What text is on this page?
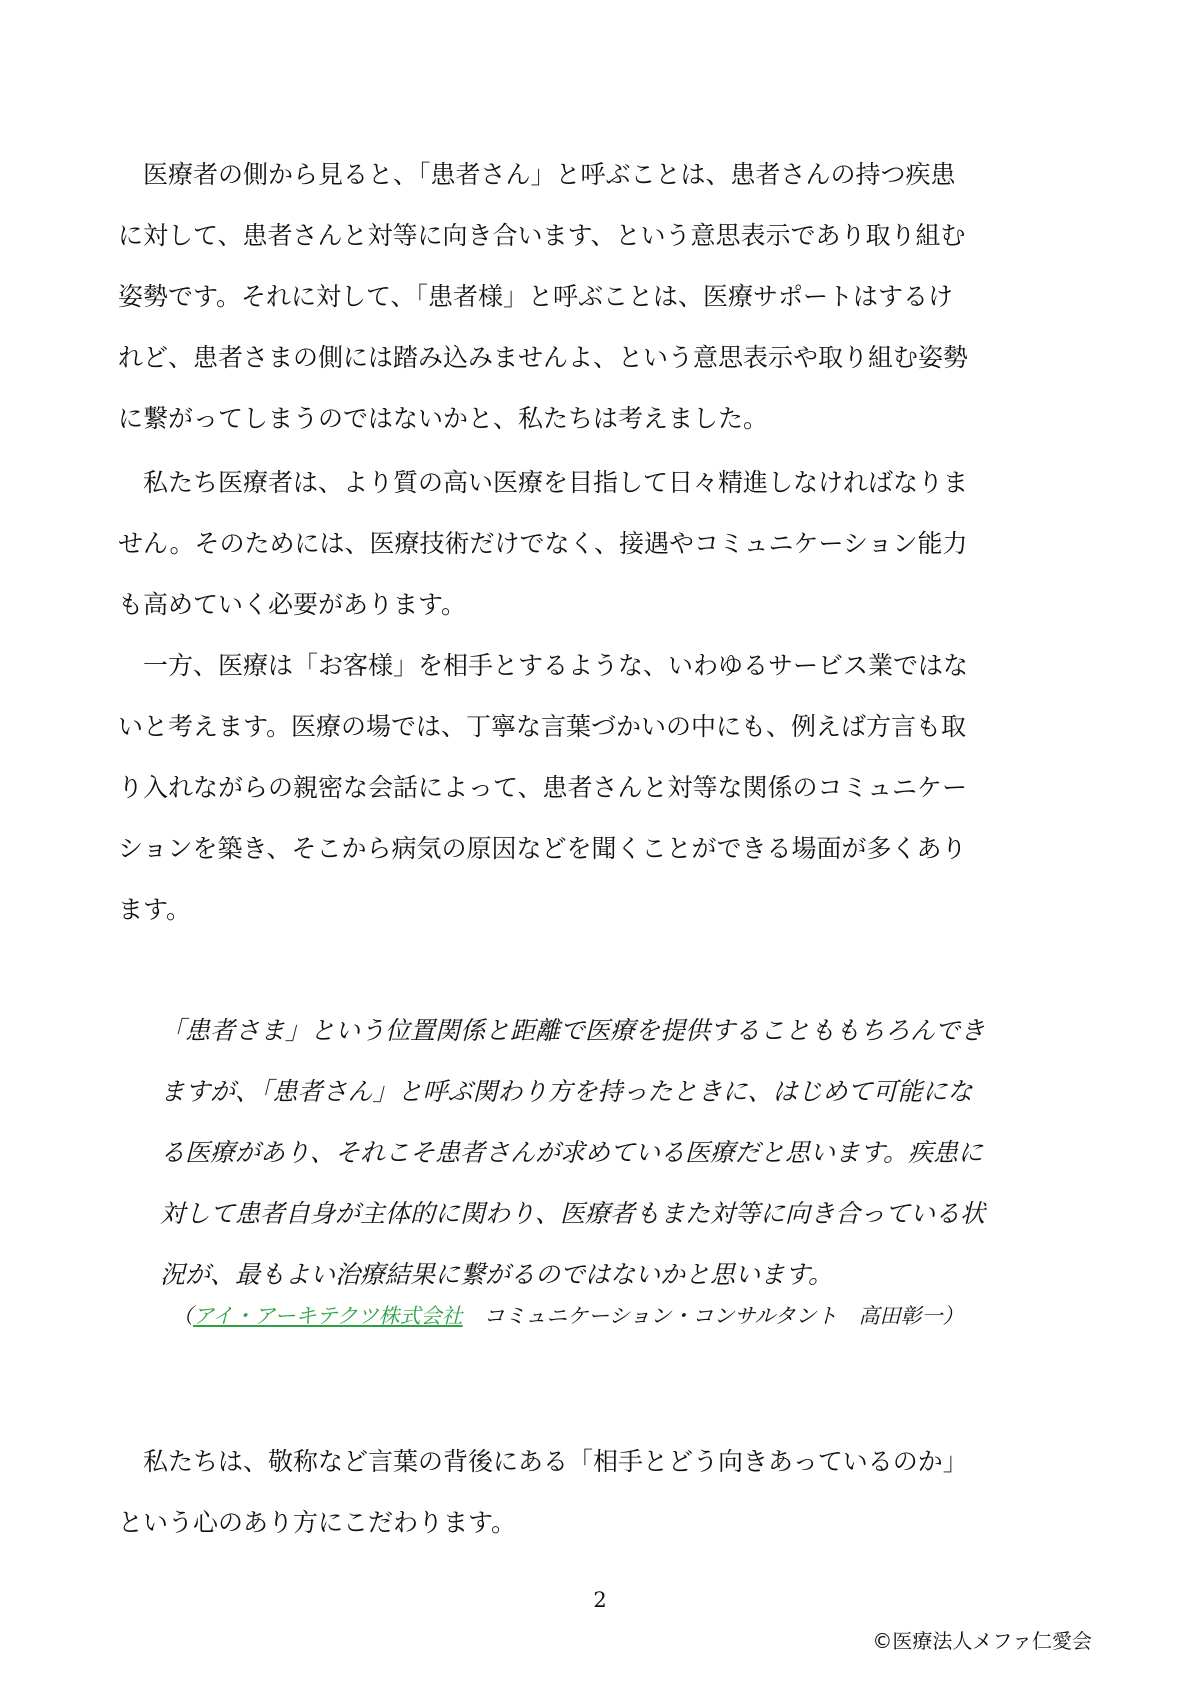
　医療者の側から見ると、「患者さん」と呼ぶことは、患者さんの持つ疾患
に対して、患者さんと対等に向き合います、という意思表示であり取り組む
姿勢です。それに対して、「患者様」と呼ぶことは、医療サポートはするけ
れど、患者さまの側には踏み込みませんよ、という意思表示や取り組む姿勢
に繋がってしまうのではないかと、私たちは考えました。
　私たち医療者は、より質の高い医療を目指して日々精進しなければなりま
せん。そのためには、医療技術だけでなく、接遇やコミュニケーション能力
も高めていく必要があります。
　一方、医療は「お客様」を相手とするような、いわゆるサービス業ではな
いと考えます。医療の場では、丁寧な言葉づかいの中にも、例えば方言も取
り入れながらの親密な会話によって、患者さんと対等な関係のコミュニケー
ションを築き、そこから病気の原因などを聞くことができる場面が多くあり
ます。
「患者さま」という位置関係と距離で医療を提供することももちろんでき
ますが、「患者さん」と呼ぶ関わり方を持ったときに、はじめて可能にな
る医療があり、それこそ患者さんが求めている医療だと思います。疾患に
対して患者自身が主体的に関わり、医療者もまた対等に向き合っている状
況が、最もよい治療結果に繋がるのではないかと思います。
（アイ・アーキテクツ株式会社　コミュニケーション・コンサルタント　高田彰一）
　私たちは、敬称など言葉の背後にある「相手とどう向きあっているのか」
という心のあり方にこだわります。
2
©医療法人メファ仁愛会
